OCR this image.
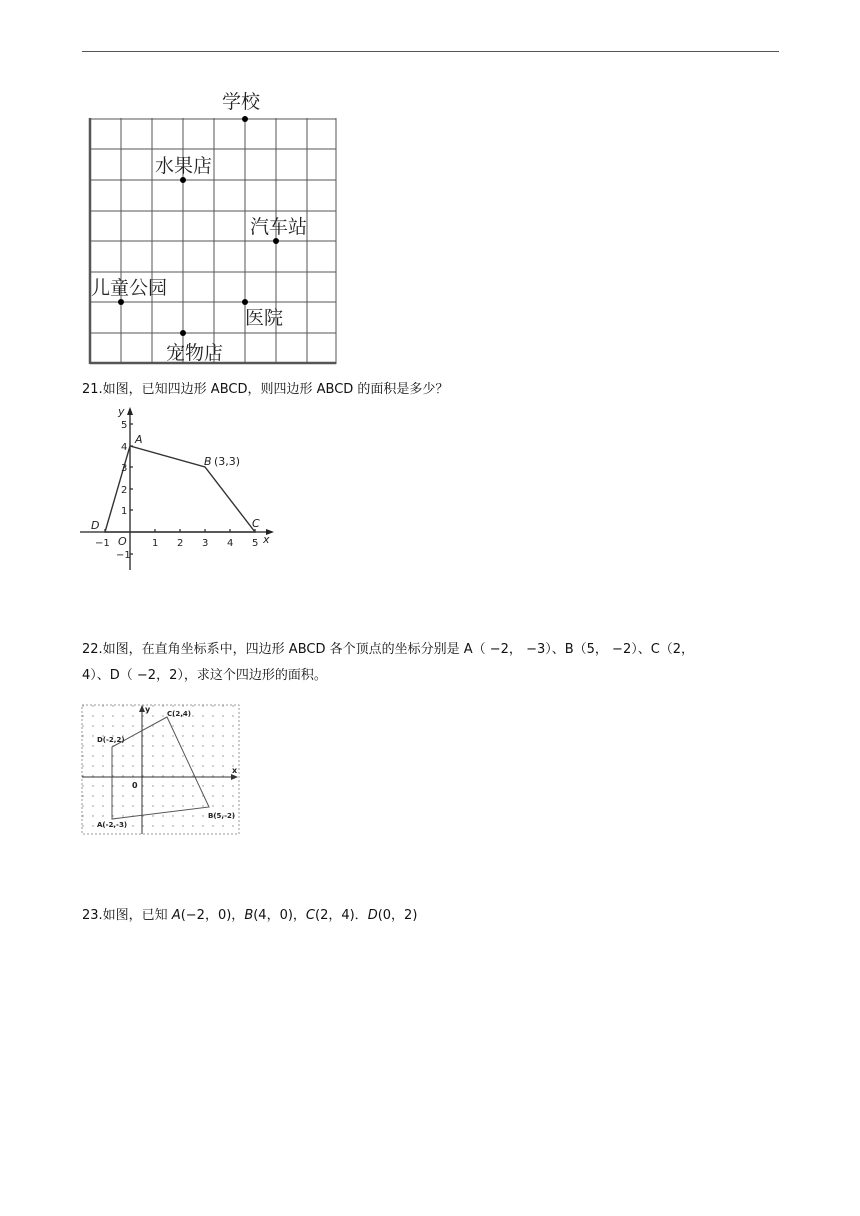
学校
水果店
汽车站
儿童公园
医院
宠物店
21.如图，已知四边形 ABCD，则四边形 ABCD 的面积是多少？
y
x
O
A
B
C
D
(3,3)
−1	1 2 3 4 5
5
4
3
2
1
−1
22.如图，在直角坐标系中，四边形 ABCD 各个顶点的坐标分别是 A（ −2， −3）、B（5， −2）、C（2，
4）、D（ −2，2），求这个四边形的面积。
y
x
0
C(2,4)
D(-2,2)
B(5,-2)
A(-2,-3)
23.如图，已知 A(−2，0)，B(4，0)，C(2，4)．D(0，2)
